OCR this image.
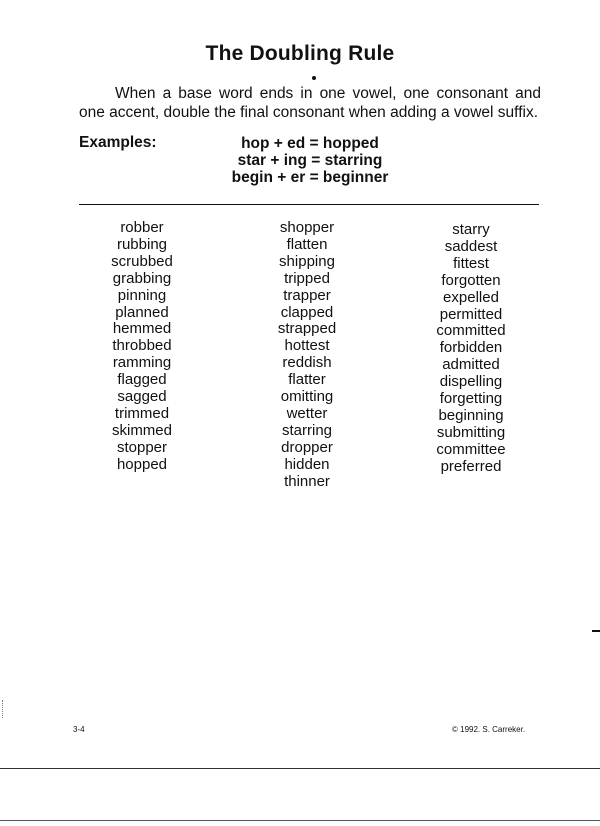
The Doubling Rule
When a base word ends in one vowel, one consonant and one accent, double the final consonant when adding a vowel suffix.
Examples:	hop + ed = hopped
star + ing = starring
begin + er = beginner
robber
rubbing
scrubbed
grabbing
pinning
planned
hemmed
throbbed
ramming
flagged
sagged
trimmed
skimmed
stopper
hopped
shopper
flatten
shipping
tripped
trapper
clapped
strapped
hottest
reddish
flatter
omitting
wetter
starring
dropper
hidden
thinner
starry
saddest
fittest
forgotten
expelled
permitted
committed
forbidden
admitted
dispelling
forgetting
beginning
submitting
committee
preferred
3-4	© 1992. S. Carreker.
